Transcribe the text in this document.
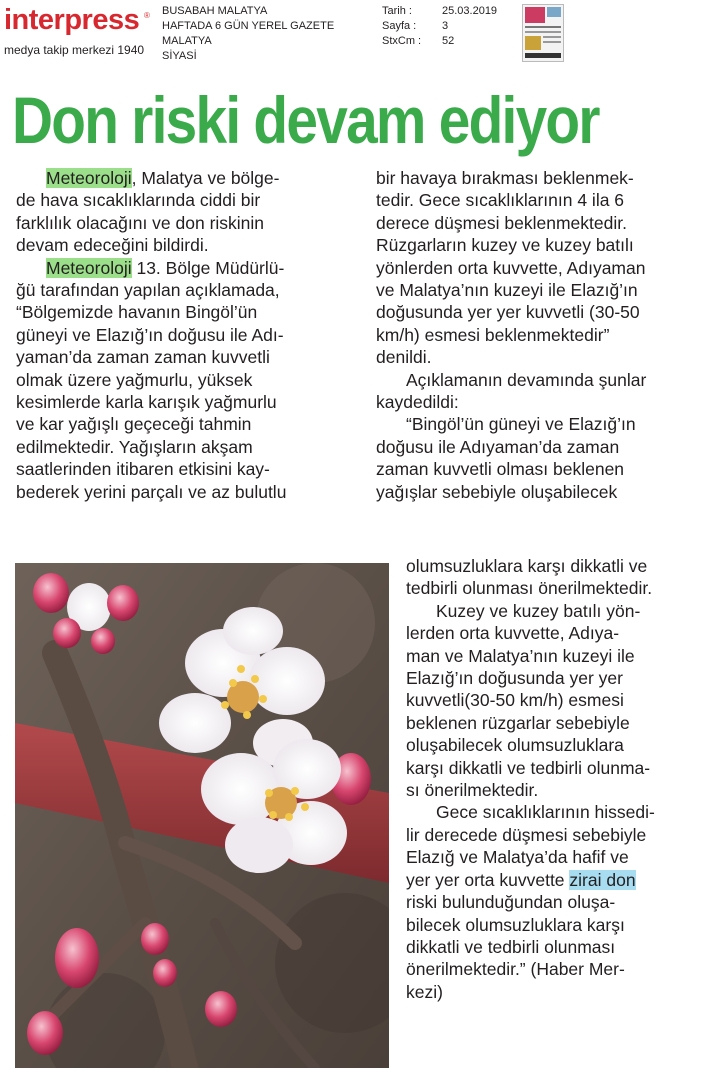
interpress ®
medya takip merkezi 1940
BUSABAH MALATYA
HAFTADA 6 GÜN YEREL GAZETE
MALATYA
SİYASİ
Tarih :	25.03.2019
Sayfa : 3
StxCm : 52
Don riski devam ediyor

Meteoroloji, Malatya ve bölge-

de hava sıcaklıklarında ciddi bir

farklılık olacağını ve don riskinin

devam edeceğini bildirdi.

Meteoroloji 13. Bölge Müdürlü-

ğü tarafından yapılan açıklamada,

“Bölgemizde havanın Bingöl’ün

güneyi ve Elazığ’ın doğusu ile Adı-

yaman’da zaman zaman kuvvetli

olmak üzere yağmurlu, yüksek

kesimlerde karla karışık yağmurlu

ve kar yağışlı geçeceği tahmin

edilmektedir. Yağışların akşam

saatlerinden itibaren etkisini kay-

bederek yerini parçalı ve az bulutlu

bir havaya bırakması beklenmek-

tedir. Gece sıcaklıklarının 4 ila 6

derece düşmesi beklenmektedir.

Rüzgarların kuzey ve kuzey batılı

yönlerden orta kuvvette, Adıyaman

ve Malatya’nın kuzeyi ile Elazığ’ın

doğusunda yer yer kuvvetli (30-50

km/h) esmesi beklenmektedir”

denildi.

Açıklamanın devamında şunlar

kaydedildi:

“Bingöl’ün güneyi ve Elazığ’ın

doğusu ile Adıyaman’da zaman

zaman kuvvetli olması beklenen

yağışlar sebebiyle oluşabilecek

olumsuzluklara karşı dikkatli ve

tedbirli olunması önerilmektedir.

Kuzey ve kuzey batılı yön-

lerden orta kuvvette, Adıya-

man ve Malatya’nın kuzeyi ile

Elazığ’ın doğusunda yer yer

kuvvetli(30-50 km/h) esmesi

beklenen rüzgarlar sebebiyle

oluşabilecek olumsuzluklara

karşı dikkatli ve tedbirli olunma-

sı önerilmektedir.

Gece sıcaklıklarının hissedi-

lir derecede düşmesi sebebiyle

Elazığ ve Malatya’da hafif ve

yer yer orta kuvvette zirai don

riski bulunduğundan oluşa-

bilecek olumsuzluklara karşı

dikkatli ve tedbirli olunması

önerilmektedir.” (Haber Mer-

kezi)
